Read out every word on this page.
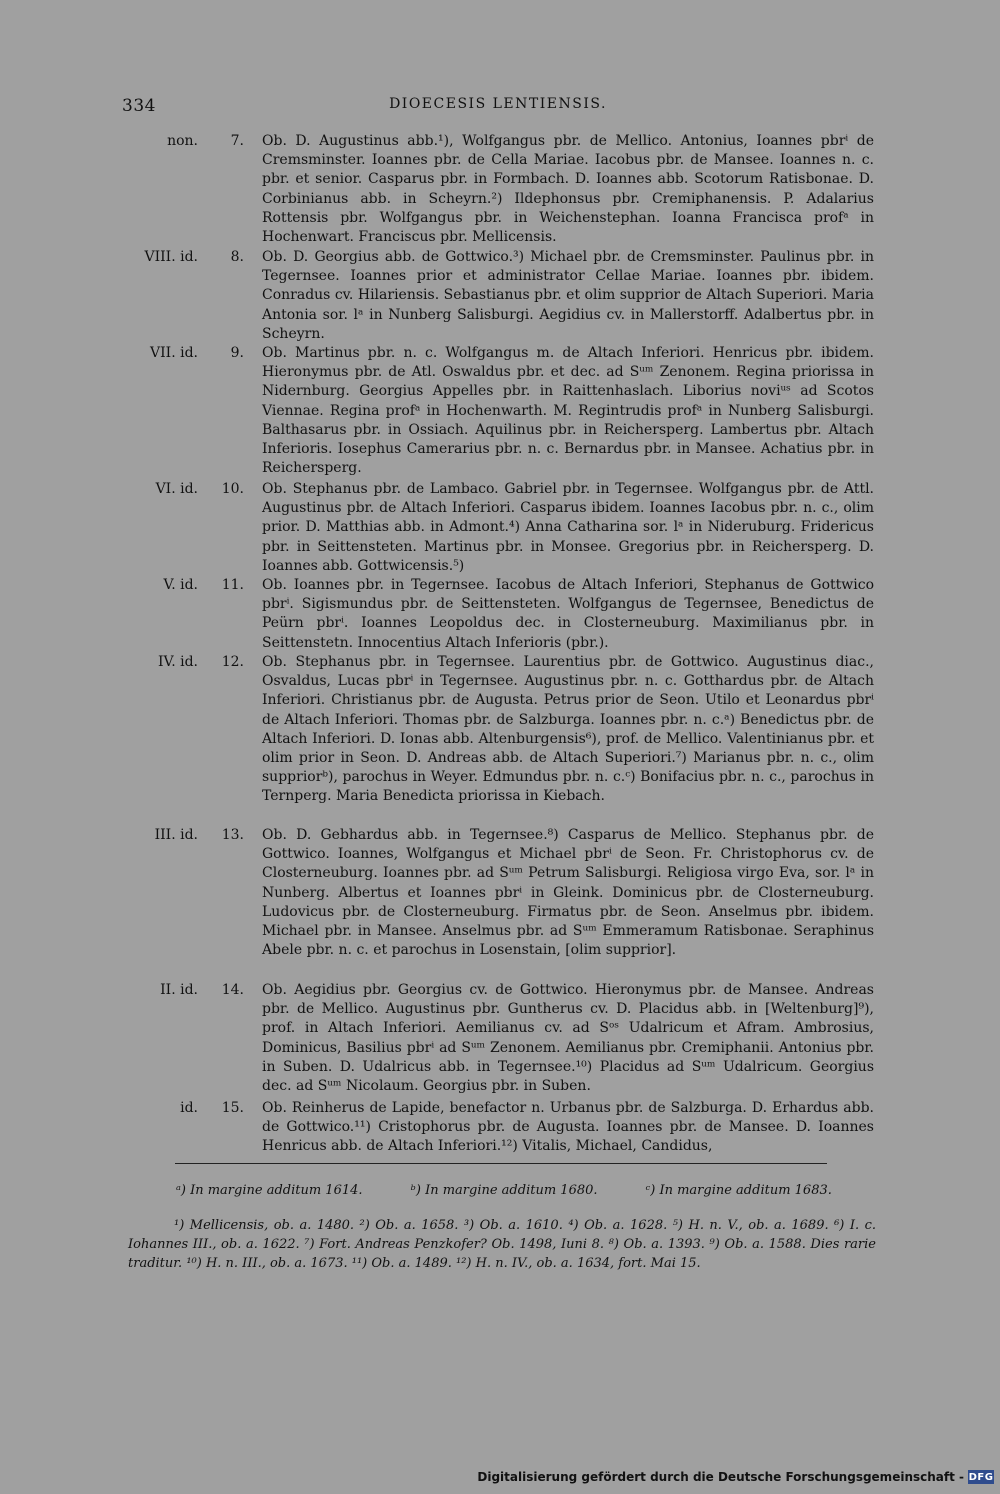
334	DIOECESIS LENTIENSIS.
non.	7. Ob. D. Augustinus abb.¹), Wolfgangus pbr. de Mellico. Antonius, Ioannes pbrⁱ de Cremsminster. Ioannes pbr. de Cella Mariae. Iacobus pbr. de Mansee. Ioannes n. c. pbr. et senior. Casparus pbr. in Formbach. D. Ioannes abb. Scotorum Ratisbonae. D. Corbinianus abb. in Scheyrn.²) Ildephonsus pbr. Cremiphanensis. P. Adalarius Rottensis pbr. Wolfgangus pbr. in Weichenstephan. Ioanna Francisca profᵃ in Hochenwart. Franciscus pbr. Mellicensis.
VIII. id.	8. Ob. D. Georgius abb. de Gottwico.³) Michael pbr. de Cremsminster. Paulinus pbr. in Tegernsee. Ioannes prior et administrator Cellae Mariae. Ioannes pbr. ibidem. Conradus cv. Hilariensis. Sebastianus pbr. et olim supprior de Altach Superiori. Maria Antonia sor. lᵃ in Nunberg Salisburgi. Aegidius cv. in Mallerstorff. Adalbertus pbr. in Scheyrn.
VII. id.	9. Ob. Martinus pbr. n. c. Wolfgangus m. de Altach Inferiori. Henricus pbr. ibidem. Hieronymus pbr. de Atl. Oswaldus pbr. et dec. ad Sᵘᵐ Zenonem. Regina priorissa in Nidernburg. Georgius Appelles pbr. in Raittenhaslach. Liborius noviᵘˢ ad Scotos Viennae. Regina profᵃ in Hochenwarth. M. Regintrudis profᵃ in Nunberg Salisburgi. Balthasarus pbr. in Ossiach. Aquilinus pbr. in Reichersperg. Lambertus pbr. Altach Inferioris. Iosephus Camerarius pbr. n. c. Bernardus pbr. in Mansee. Achatius pbr. in Reichersperg.
VI. id.	10. Ob. Stephanus pbr. de Lambaco. Gabriel pbr. in Tegernsee. Wolfgangus pbr. de Attl. Augustinus pbr. de Altach Inferiori. Casparus ibidem. Ioannes Iacobus pbr. n. c., olim prior. D. Matthias abb. in Admont.⁴) Anna Catharina sor. lᵃ in Nideruburg. Fridericus pbr. in Seittensteten. Martinus pbr. in Monsee. Gregorius pbr. in Reichersperg. D. Ioannes abb. Gottwicensis.⁵)
V. id.	11. Ob. Ioannes pbr. in Tegernsee. Iacobus de Altach Inferiori, Stephanus de Gottwico pbrⁱ. Sigismundus pbr. de Seittensteten. Wolfgangus de Tegernsee, Benedictus de Peürn pbrⁱ. Ioannes Leopoldus dec. in Closterneuburg. Maximilianus pbr. in Seittenstetn. Innocentius Altach Inferioris (pbr.).
IV. id.	12. Ob. Stephanus pbr. in Tegernsee. Laurentius pbr. de Gottwico. Augustinus diac., Osvaldus, Lucas pbrⁱ in Tegernsee. Augustinus pbr. n. c. Gotthardus pbr. de Altach Inferiori. Christianus pbr. de Augusta. Petrus prior de Seon. Utilo et Leonardus pbrⁱ de Altach Inferiori. Thomas pbr. de Salzburga. Ioannes pbr. n. c.ᵃ) Benedictus pbr. de Altach Inferiori. D. Ionas abb. Altenburgensis⁶), prof. de Mellico. Valentinianus pbr. et olim prior in Seon. D. Andreas abb. de Altach Superiori.⁷) Marianus pbr. n. c., olim suppriorᵇ), parochus in Weyer. Edmundus pbr. n. c.ᶜ) Bonifacius pbr. n. c., parochus in Ternperg. Maria Benedicta priorissa in Kiebach.
III. id.	13. Ob. D. Gebhardus abb. in Tegernsee.⁸) Casparus de Mellico. Stephanus pbr. de Gottwico. Ioannes, Wolfgangus et Michael pbrⁱ de Seon. Fr. Christophorus cv. de Closterneuburg. Ioannes pbr. ad Sᵘᵐ Petrum Salisburgi. Religiosa virgo Eva, sor. lᵃ in Nunberg. Albertus et Ioannes pbrⁱ in Gleink. Dominicus pbr. de Closterneuburg. Ludovicus pbr. de Closterneuburg. Firmatus pbr. de Seon. Anselmus pbr. ibidem. Michael pbr. in Mansee. Anselmus pbr. ad Sᵘᵐ Emmeramum Ratisbonae. Seraphinus Abele pbr. n. c. et parochus in Losenstain, [olim supprior].
II. id.	14. Ob. Aegidius pbr. Georgius cv. de Gottwico. Hieronymus pbr. de Mansee. Andreas pbr. de Mellico. Augustinus pbr. Guntherus cv. D. Placidus abb. in [Weltenburg]⁹), prof. in Altach Inferiori. Aemilianus cv. ad Sᵒˢ Udalricum et Afram. Ambrosius, Dominicus, Basilius pbrⁱ ad Sᵘᵐ Zenonem. Aemilianus pbr. Cremiphanii. Antonius pbr. in Suben. D. Udalricus abb. in Tegernsee.¹⁰) Placidus ad Sᵘᵐ Udalricum. Georgius dec. ad Sᵘᵐ Nicolaum. Georgius pbr. in Suben.
id.	15. Ob. Reinherus de Lapide, benefactor n. Urbanus pbr. de Salzburga. D. Erhardus abb. de Gottwico.¹¹) Cristophorus pbr. de Augusta. Ioannes pbr. de Mansee. D. Ioannes Henricus abb. de Altach Inferiori.¹²) Vitalis, Michael, Candidus,
ᵃ) In margine additum 1614.	ᵇ) In margine additum 1680.	ᶜ) In margine additum 1683.
¹) Mellicensis, ob. a. 1480. ²) Ob. a. 1658. ³) Ob. a. 1610. ⁴) Ob. a. 1628. ⁵) H. n. V., ob. a. 1689. ⁶) I. c. Iohannes III., ob. a. 1622. ⁷) Fort. Andreas Penzkofer? Ob. 1498, Iuni 8. ⁸) Ob. a. 1393. ⁹) Ob. a. 1588. Dies rarie traditur. ¹⁰) H. n. III., ob. a. 1673. ¹¹) Ob. a. 1489. ¹²) H. n. IV., ob. a. 1634, fort. Mai 15.
Digitalisierung gefördert durch die Deutsche Forschungsgemeinschaft - DFG
